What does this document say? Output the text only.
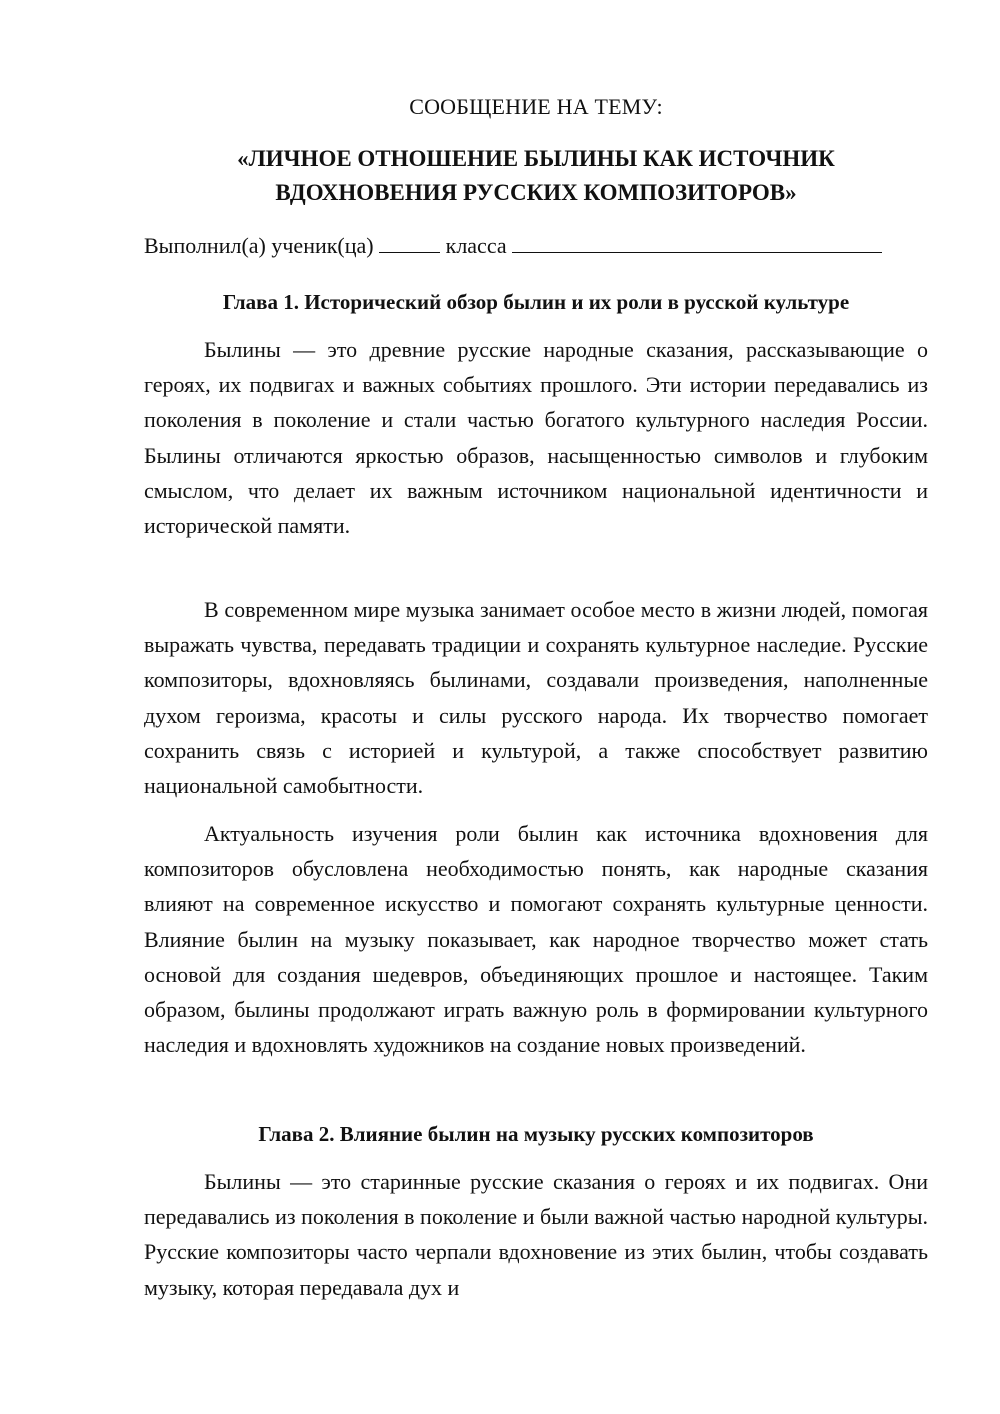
СООБЩЕНИЕ НА ТЕМУ:
«ЛИЧНОЕ ОТНОШЕНИЕ БЫЛИНЫ КАК ИСТОЧНИК
ВДОХНОВЕНИЯ РУССКИХ КОМПОЗИТОРОВ»
Выполнил(а) ученик(ца)	класса
Глава 1. Исторический обзор былин и их роли в русской культуре

Былины — это древние русские народные сказания, рассказывающие о героях, их подвигах и важных событиях прошлого. Эти истории передавались из поколения в поколение и стали частью богатого культурного наследия России. Былины отличаются яркостью образов, насыщенностью символов и глубоким смыслом, что делает их важным источником национальной идентичности и исторической памяти.

В современном мире музыка занимает особое место в жизни людей, помогая выражать чувства, передавать традиции и сохранять культурное наследие. Русские композиторы, вдохновляясь былинами, создавали произведения, наполненные духом героизма, красоты и силы русского народа. Их творчество помогает сохранить связь с историей и культурой, а также способствует развитию национальной самобытности.

Актуальность изучения роли былин как источника вдохновения для композиторов обусловлена необходимостью понять, как народные сказания влияют на современное искусство и помогают сохранять культурные ценности. Влияние былин на музыку показывает, как народное творчество может стать основой для создания шедевров, объединяющих прошлое и настоящее. Таким образом, былины продолжают играть важную роль в формировании культурного наследия и вдохновлять художников на создание новых произведений.

Глава 2. Влияние былин на музыку русских композиторов

Былины — это старинные русские сказания о героях и их подвигах. Они передавались из поколения в поколение и были важной частью народной культуры. Русские композиторы часто черпали вдохновение из этих былин, чтобы создавать музыку, которая передавала дух и
